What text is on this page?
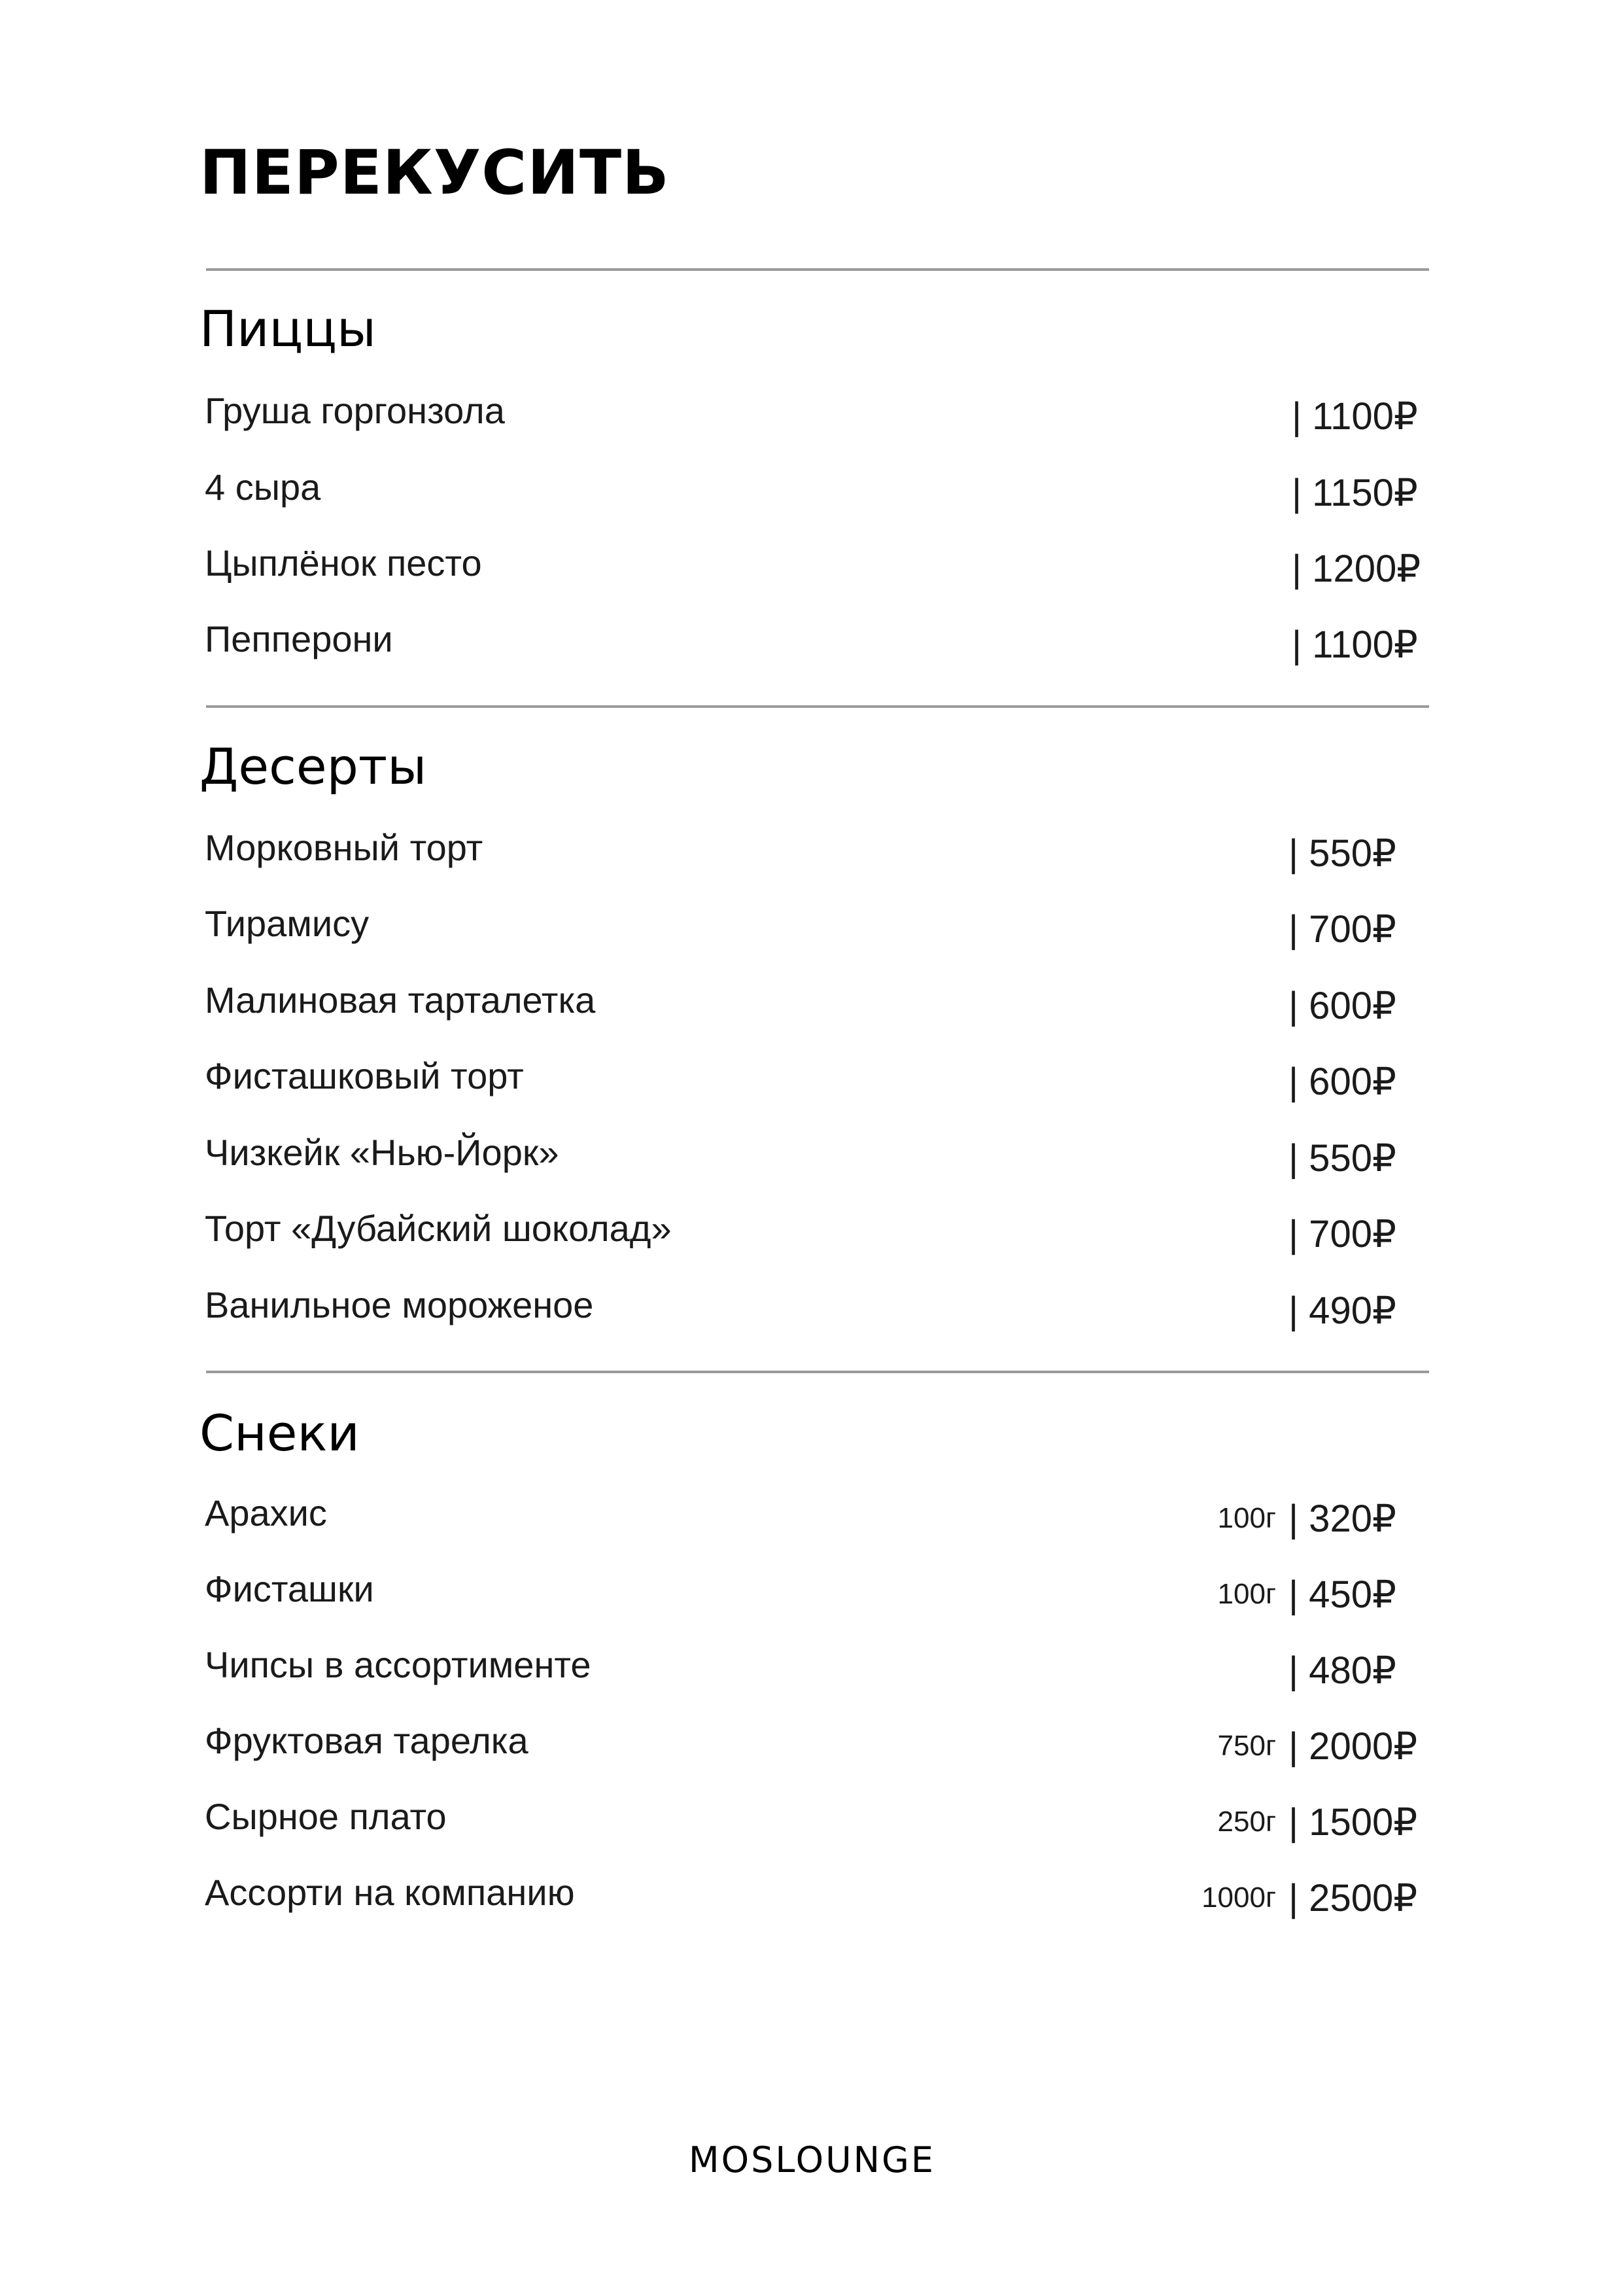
ПЕРЕКУСИТЬ
Пиццы
Груша горгонзола	| 1100₽
4 сыра	| 1150₽
Цыплёнок песто	| 1200₽
Пепперони	| 1100₽
Десерты
Морковный торт	| 550₽
Тирамису	| 700₽
Малиновая тарталетка	| 600₽
Фисташковый торт	| 600₽
Чизкейк «Нью-Йорк»	| 550₽
Торт «Дубайский шоколад»	| 700₽
Ванильное мороженое	| 490₽
Снеки
Арахис	100г | 320₽
Фисташки	100г | 450₽
Чипсы в ассортименте	| 480₽
Фруктовая тарелка	750г | 2000₽
Сырное плато	250г | 1500₽
Ассорти на компанию	1000г | 2500₽
MOSLOUNGE
